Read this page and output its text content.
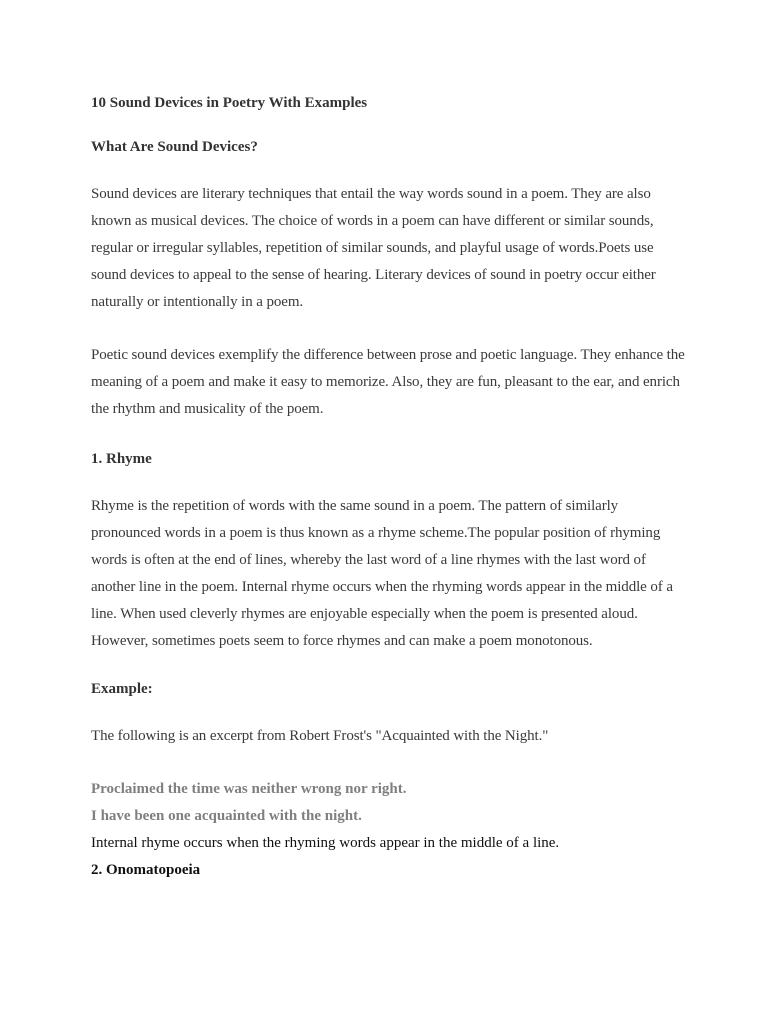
10 Sound Devices in Poetry With Examples

What Are Sound Devices?

Sound devices are literary techniques that entail the way words sound in a poem. They are also known as musical devices. The choice of words in a poem can have different or similar sounds, regular or irregular syllables, repetition of similar sounds, and playful usage of words.Poets use sound devices to appeal to the sense of hearing. Literary devices of sound in poetry occur either naturally or intentionally in a poem.

Poetic sound devices exemplify the difference between prose and poetic language. They enhance the meaning of a poem and make it easy to memorize. Also, they are fun, pleasant to the ear, and enrich the rhythm and musicality of the poem.

1. Rhyme

Rhyme is the repetition of words with the same sound in a poem. The pattern of similarly pronounced words in a poem is thus known as a rhyme scheme.The popular position of rhyming words is often at the end of lines, whereby the last word of a line rhymes with the last word of another line in the poem. Internal rhyme occurs when the rhyming words appear in the middle of a line. When used cleverly rhymes are enjoyable especially when the poem is presented aloud. However, sometimes poets seem to force rhymes and can make a poem monotonous.

Example:

The following is an excerpt from Robert Frost's "Acquainted with the Night."

Proclaimed the time was neither wrong nor right.

I have been one acquainted with the night.

Internal rhyme occurs when the rhyming words appear in the middle of a line.

2. Onomatopoeia
